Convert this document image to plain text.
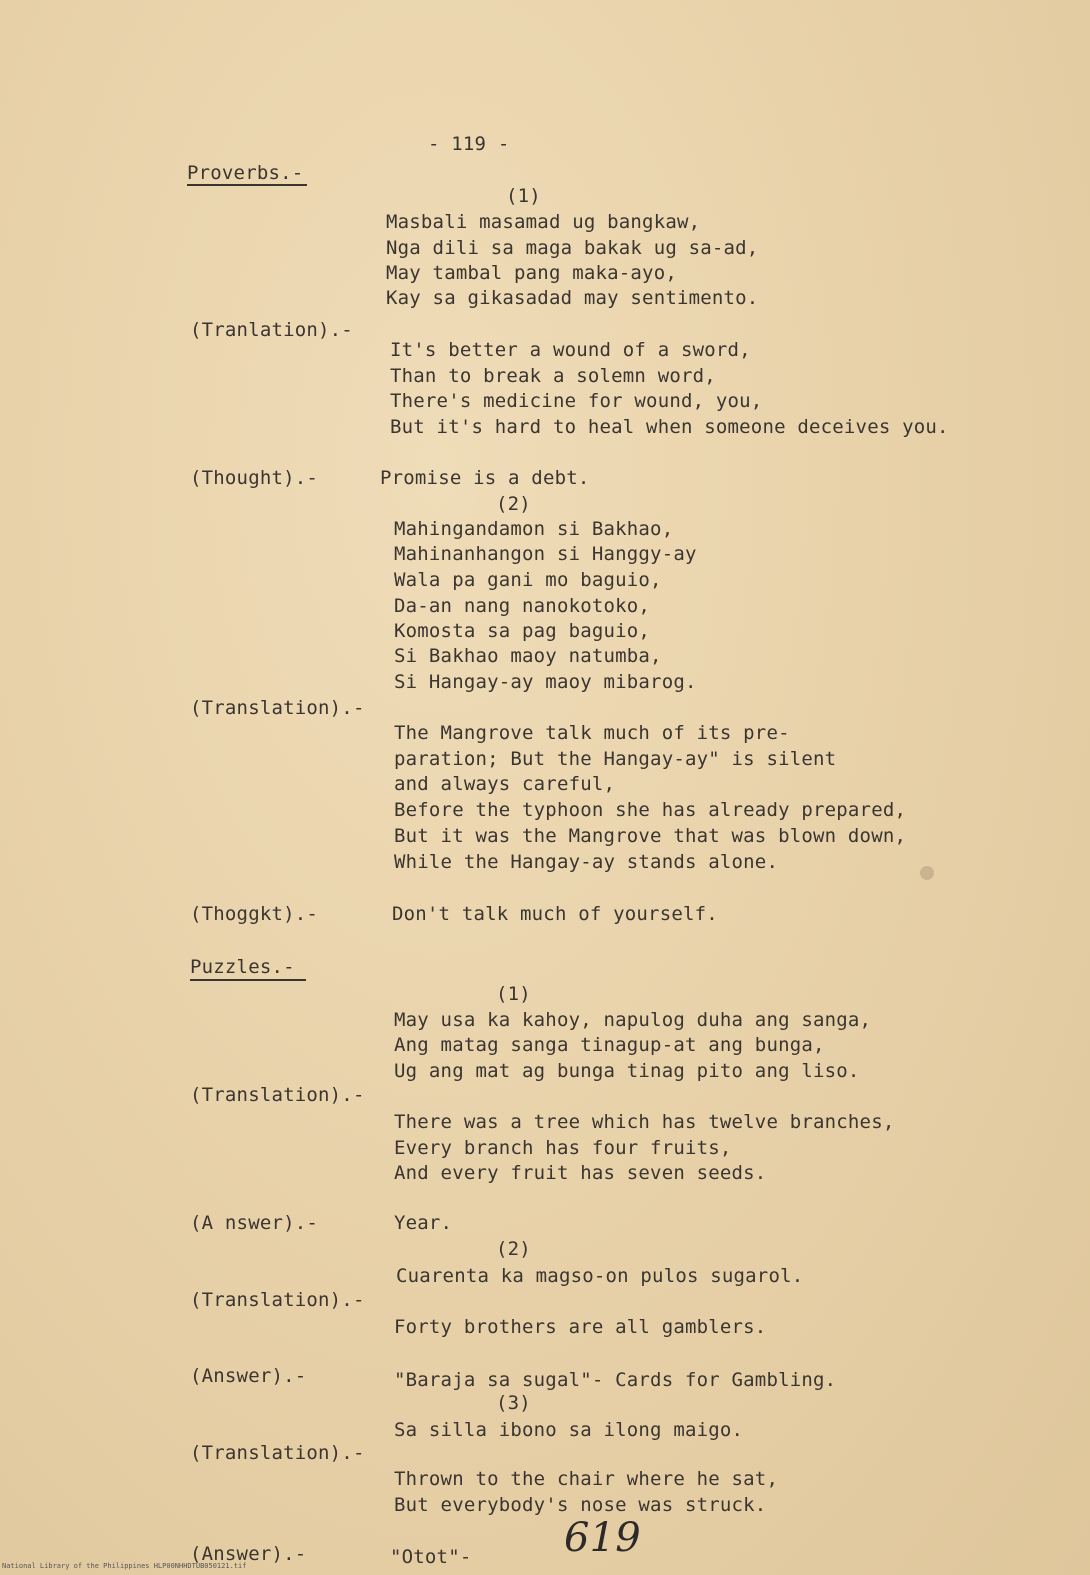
- 119 -
Proverbs.-
(1)
Masbali masamad ug bangkaw,
Nga dili sa maga bakak ug sa-ad,
May tambal pang maka-ayo,
Kay sa gikasadad may sentimento.
(Tranlation).-
It's better a wound of a sword,
Than to break a solemn word,
There's medicine for wound, you,
But it's hard to heal when someone deceives you.
(Thought).-	Promise is a debt.
(2)
Mahingandamon si Bakhao,
Mahinanhangon si Hanggy-ay
Wala pa gani mo baguio,
Da-an nang nanokotoko,
Komosta sa pag baguio,
Si Bakhao maoy natumba,
Si Hangay-ay maoy mibarog.
(Translation).-
The Mangrove talk much of its pre-
paration; But the Hangay-ay" is silent
and always careful,
Before the typhoon she has already prepared,
But it was the Mangrove that was blown down,
While the Hangay-ay stands alone.
(Thoggkt).-	Don't talk much of yourself.
Puzzles.-
(1)
May usa ka kahoy, napulog duha ang sanga,
Ang matag sanga tinagup-at ang bunga,
Ug ang mat ag bunga tinag pito ang liso.
(Translation).-
There was a tree which has twelve branches,
Every branch has four fruits,
And every fruit has seven seeds.
(A nswer).-	Year.
(2)
Cuarenta ka magso-on pulos sugarol.
(Translation).-
Forty brothers are all gamblers.
(Answer).-	"Baraja sa sugal"- Cards for Gambling.
(3)
Sa silla ibono sa ilong maigo.
(Translation).-
Thrown to the chair where he sat,
But everybody's nose was struck.
(Answer).-	"Otot"- 619
National Library of the Philippines HLP00NHHDTUB050121.tif
